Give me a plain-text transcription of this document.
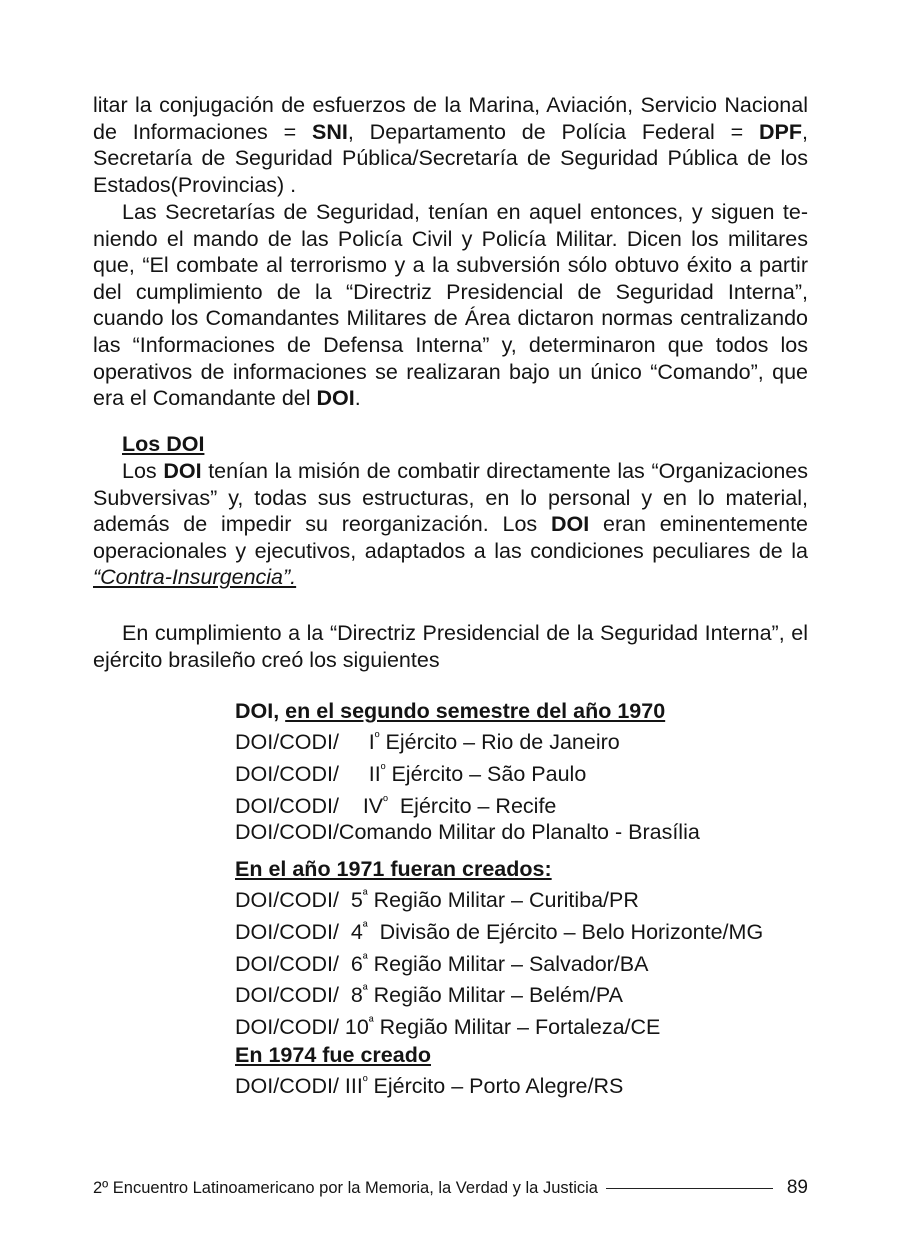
litar la conjugación de esfuerzos de la Marina, Aviación, Servicio Nacional de Informaciones = SNI, Departamento de Polícia Federal = DPF, Secretaría de Seguridad Pública/Secretaría de Seguridad Pública de los Estados(Provincias) .

Las Secretarías de Seguridad, tenían en aquel entonces, y siguen teniendo el mando de las Policía Civil y Policía Militar. Dicen los militares que, “El combate al terrorismo y a la subversión sólo obtuvo éxito a partir del cumplimiento de la “Directriz Presidencial de Seguridad Interna”, cuando los Comandantes Militares de Área dictaron normas centralizando las “Informaciones de Defensa Interna” y, determinaron que todos los operativos de informaciones se realizaran bajo un único “Comando”, que era el Comandante del DOI.

Los DOI

Los DOI tenían la misión de combatir directamente las “Organizaciones Subversivas” y, todas sus estructuras, en lo personal y en lo material, además de impedir su reorganización. Los DOI eran eminentemente operacionales y ejecutivos, adaptados a las condiciones peculiares de la “Contra-Insurgencia”.

En cumplimiento a la “Directriz Presidencial de la Seguridad Interna”, el ejército brasileño creó los siguientes

DOI, en el segundo semestre del año 1970
DOI/CODI/     $I^º$ Ejército – Rio de Janeiro
DOI/CODI/     $II^º$ Ejército – São Paulo
DOI/CODI/    $IV^º$  Ejército – Recife
DOI/CODI/Comando Militar do Planalto - Brasília
En el año 1971 fueran creados:
DOI/CODI/  $5^ª$ Região Militar – Curitiba/PR
DOI/CODI/  $4^ª$  Divisão de Ejército – Belo Horizonte/MG
DOI/CODI/  $6^ª$ Região Militar – Salvador/BA
DOI/CODI/  $8^ª$ Região Militar – Belém/PA
DOI/CODI/ $10^ª$ Região Militar – Fortaleza/CE
En 1974 fue creado
DOI/CODI/ $III^º$ Ejército – Porto Alegre/RS
2º Encuentro Latinoamericano por la Memoria, la Verdad y la Justicia	89
